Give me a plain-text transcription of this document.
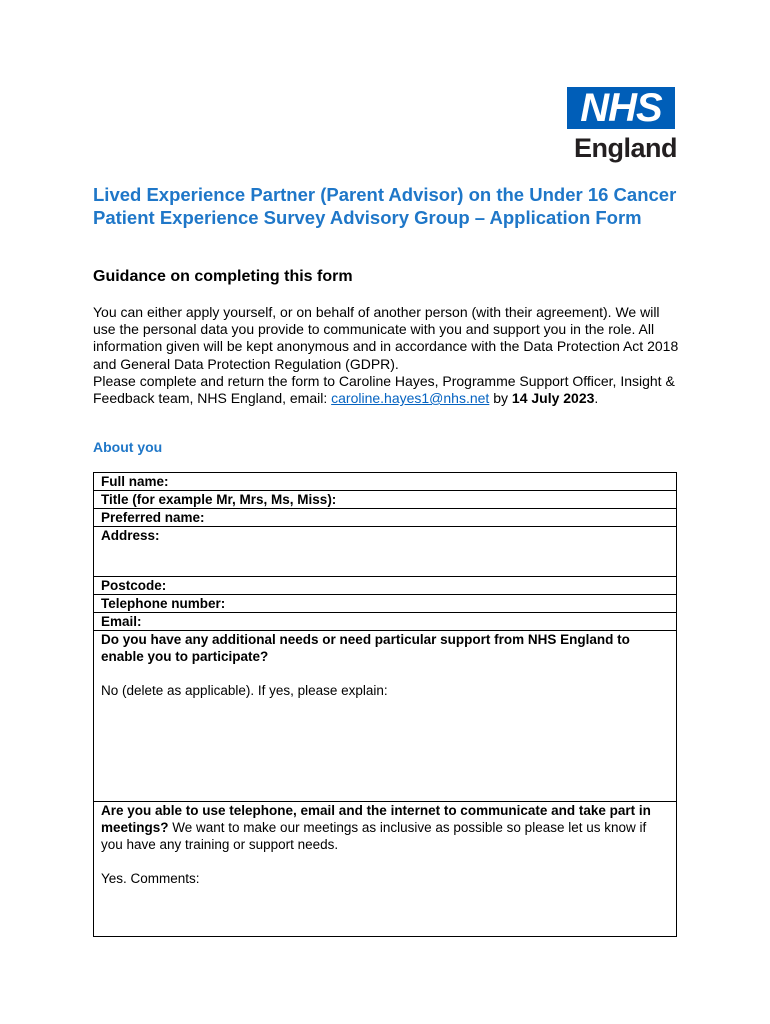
NHS
England
Lived Experience Partner (Parent Advisor) on the Under 16 Cancer Patient Experience Survey Advisory Group – Application Form
Guidance on completing this form

You can either apply yourself, or on behalf of another person (with their agreement). We will use the personal data you provide to communicate with you and support you in the role. All information given will be kept anonymous and in accordance with the Data Protection Act 2018 and General Data Protection Regulation (GDPR).

Please complete and return the form to Caroline Hayes, Programme Support Officer, Insight & Feedback team, NHS England, email: caroline.hayes1@nhs.net by 14 July 2023.

About you
Full name:
Title (for example Mr, Mrs, Ms, Miss):
Preferred name:
Address:
Postcode:
Telephone number:
Email:
Do you have any additional needs or need particular support from NHS England to enable you to participate?
No (delete as applicable). If yes, please explain:
Are you able to use telephone, email and the internet to communicate and take part in meetings? We want to make our meetings as inclusive as possible so please let us know if you have any training or support needs.
Yes. Comments:
